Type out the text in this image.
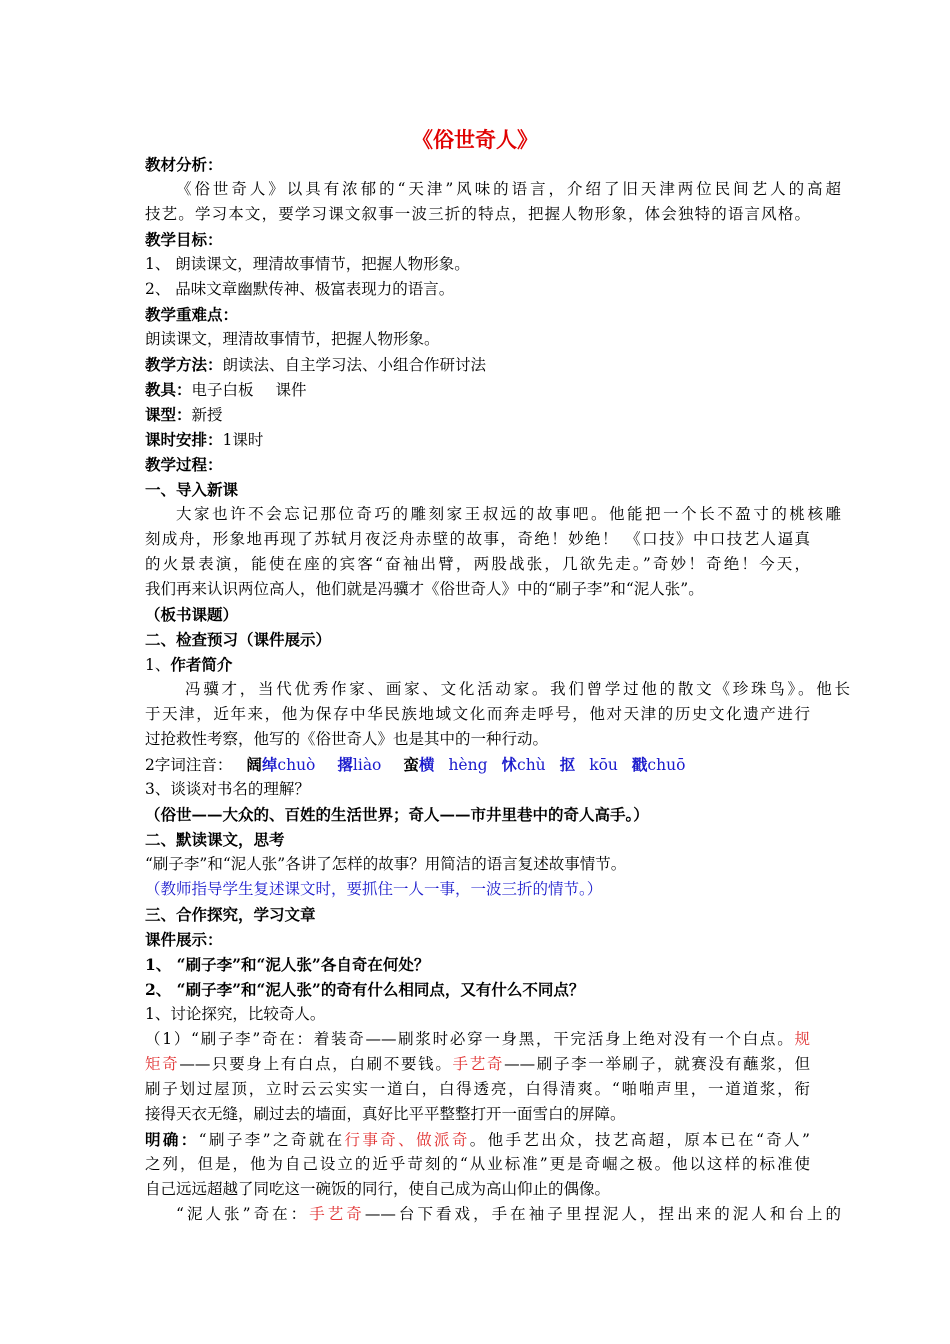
《俗世奇人》
教材分析：
《俗世奇人》以具有浓郁的“天津”风味的语言，介绍了旧天津两位民间艺人的高超
技艺。学习本文，要学习课文叙事一波三折的特点，把握人物形象，体会独特的语言风格。
教学目标：
1、 朗读课文，理清故事情节，把握人物形象。
2、 品味文章幽默传神、极富表现力的语言。
教学重难点：
朗读课文，理清故事情节，把握人物形象。
教学方法：朗读法、自主学习法、小组合作研讨法
教具：电子白板 课件
课型：新授
课时安排：1课时
教学过程：
一、导入新课
大家也许不会忘记那位奇巧的雕刻家王叔远的故事吧。他能把一个长不盈寸的桃核雕
刻成舟，形象地再现了苏轼月夜泛舟赤壁的故事，奇绝！妙绝！ 《口技》中口技艺人逼真
的火景表演，能使在座的宾客“奋袖出臂，两股战张，几欲先走。”奇妙！奇绝！今天，
我们再来认识两位高人，他们就是冯骥才《俗世奇人》中的“刷子李”和“泥人张”。
（板书课题）
二、检查预习（课件展示）
1、作者简介
冯骥才，当代优秀作家、画家、文化活动家。我们曾学过他的散文《珍珠鸟》。他长
于天津，近年来，他为保存中华民族地域文化而奔走呼号，他对天津的历史文化遗产进行
过抢救性考察，他写的《俗世奇人》也是其中的一种行动。
2字词注音： 阔绰chuò 撂liào 蛮横 hèng 怵chù 抠 kōu 戳chuō
3、谈谈对书名的理解？
（俗世——大众的、百姓的生活世界；奇人——市井里巷中的奇人高手。）
二、默读课文，思考
“刷子李”和“泥人张”各讲了怎样的故事？用简洁的语言复述故事情节。
（教师指导学生复述课文时，要抓住一人一事，一波三折的情节。）
三、合作探究，学习文章
课件展示：
1、 “刷子李”和“泥人张”各自奇在何处？
2、 “刷子李”和“泥人张”的奇有什么相同点，又有什么不同点？
1、讨论探究，比较奇人。
（1）“刷子李”奇在：着装奇——刷浆时必穿一身黑，干完活身上绝对没有一个白点。规
矩奇——只要身上有白点，白刷不要钱。手艺奇——刷子李一举刷子，就赛没有蘸浆，但
刷子划过屋顶，立时云云实实一道白，白得透亮，白得清爽。“啪啪声里，一道道浆，衔
接得天衣无缝，刷过去的墙面，真好比平平整整打开一面雪白的屏障。
明确：“刷子李”之奇就在行事奇、做派奇。他手艺出众，技艺高超，原本已在“奇人”
之列，但是，他为自己设立的近乎苛刻的“从业标准”更是奇崛之极。他以这样的标准使
自己远远超越了同吃这一碗饭的同行，使自己成为高山仰止的偶像。
“泥人张”奇在：手艺奇——台下看戏，手在袖子里捏泥人，捏出来的泥人和台上的
